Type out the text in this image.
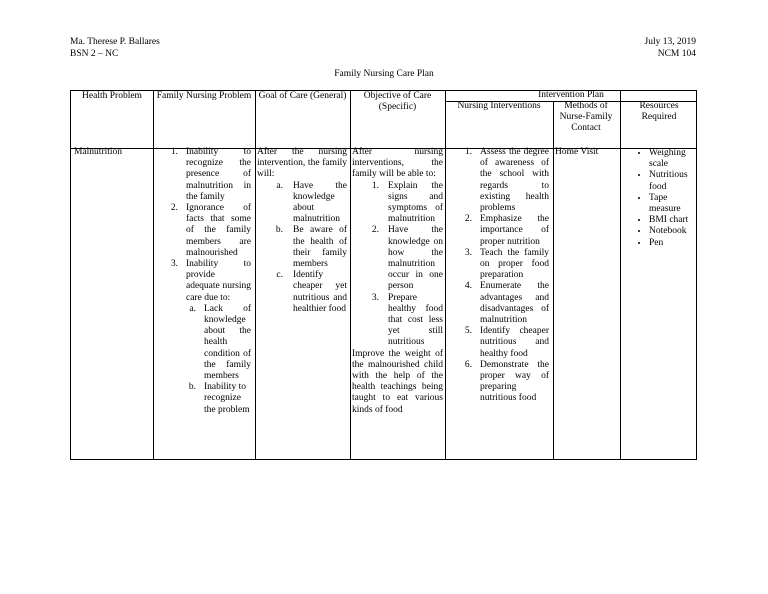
Ma. Therese P. Ballares
BSN 2 – NC
July 13, 2019
NCM 104
Family Nursing Care Plan
Health Problem	Family Nursing Problem Goal of Care (General)	Objective of Care (Specific)
Intervention Plan
Nursing Interventions	Methods of Nurse-Family Contact
Resources Required
Malnutrition	1. Inability to recognize the presence of malnutrition in the family
2. Ignorance of facts that some of the family members are malnourished
3. Inability to provide adequate nursing care due to:
a. Lack of knowledge about the health condition of the family members
b. Inability to recognize the problem
After the nursing intervention, the family will:
a. Have the knowledge about malnutrition
b. Be aware of the health of their family members
c. Identify cheaper yet nutritious and healthier food
After nursing interventions, the family will be able to:
1. Explain the signs and symptoms of malnutrition
2. Have the knowledge on how the malnutrition occur in one person
3. Prepare healthy food that cost less yet still nutritious
Improve the weight of the malnourished child with the help of the health teachings being taught to eat various kinds of food
1. Assess the degree of awareness of the school with regards to existing health problems
2. Emphasize the importance of proper nutrition
3. Teach the family on proper food preparation
4. Enumerate the advantages and disadvantages of malnutrition
5. Identify cheaper nutritious and healthy food
6. Demonstrate the proper way of preparing nutritious food
Home Visit
•	Weighing scale
• Nutritious food
• Tape measure
• BMI chart
• Notebook
• Pen
